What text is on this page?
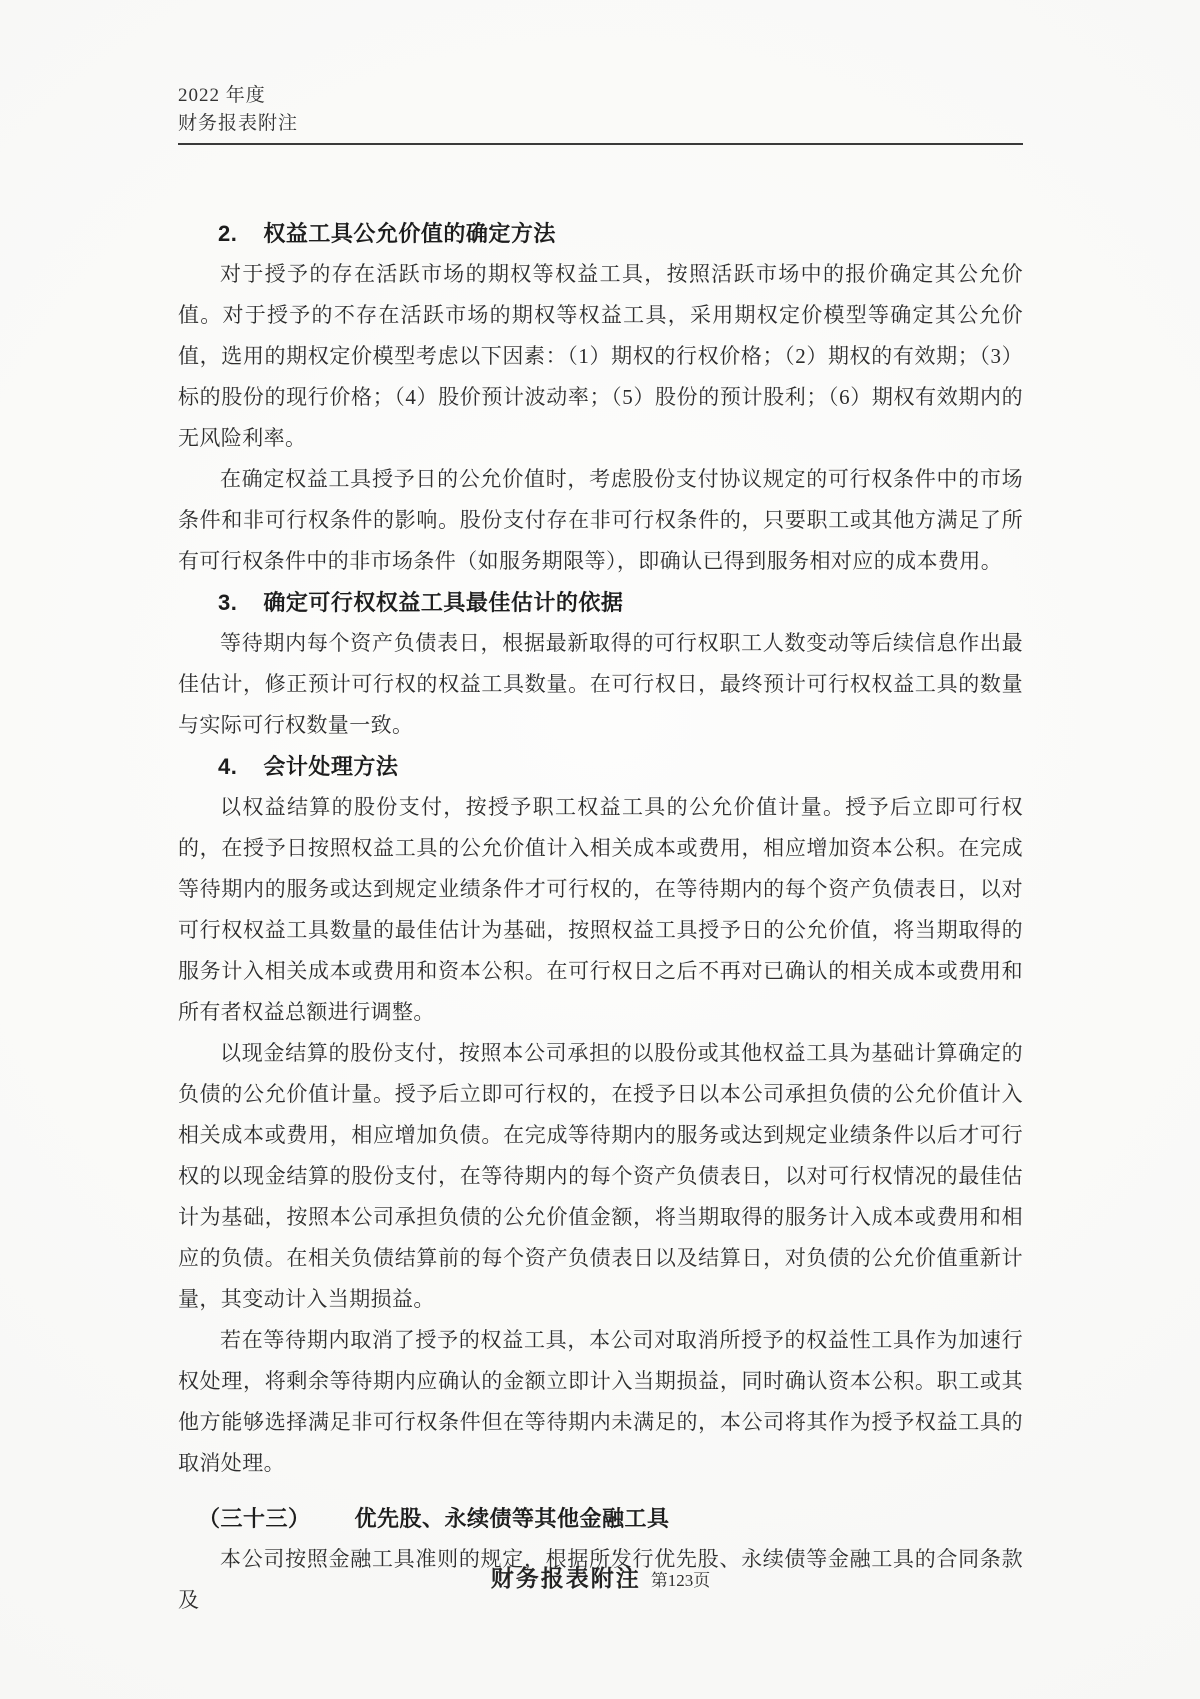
2022 年度
财务报表附注
2. 权益工具公允价值的确定方法

对于授予的存在活跃市场的期权等权益工具，按照活跃市场中的报价确定其公允价值。对于授予的不存在活跃市场的期权等权益工具，采用期权定价模型等确定其公允价值，选用的期权定价模型考虑以下因素：（1）期权的行权价格；（2）期权的有效期；（3）标的股份的现行价格；（4）股价预计波动率；（5）股份的预计股利；（6）期权有效期内的无风险利率。

在确定权益工具授予日的公允价值时，考虑股份支付协议规定的可行权条件中的市场条件和非可行权条件的影响。股份支付存在非可行权条件的，只要职工或其他方满足了所有可行权条件中的非市场条件（如服务期限等），即确认已得到服务相对应的成本费用。

3. 确定可行权权益工具最佳估计的依据

等待期内每个资产负债表日，根据最新取得的可行权职工人数变动等后续信息作出最佳估计，修正预计可行权的权益工具数量。在可行权日，最终预计可行权权益工具的数量与实际可行权数量一致。

4. 会计处理方法

以权益结算的股份支付，按授予职工权益工具的公允价值计量。授予后立即可行权的，在授予日按照权益工具的公允价值计入相关成本或费用，相应增加资本公积。在完成等待期内的服务或达到规定业绩条件才可行权的，在等待期内的每个资产负债表日，以对可行权权益工具数量的最佳估计为基础，按照权益工具授予日的公允价值，将当期取得的服务计入相关成本或费用和资本公积。在可行权日之后不再对已确认的相关成本或费用和所有者权益总额进行调整。

以现金结算的股份支付，按照本公司承担的以股份或其他权益工具为基础计算确定的负债的公允价值计量。授予后立即可行权的，在授予日以本公司承担负债的公允价值计入相关成本或费用，相应增加负债。在完成等待期内的服务或达到规定业绩条件以后才可行权的以现金结算的股份支付，在等待期内的每个资产负债表日，以对可行权情况的最佳估计为基础，按照本公司承担负债的公允价值金额，将当期取得的服务计入成本或费用和相应的负债。在相关负债结算前的每个资产负债表日以及结算日，对负债的公允价值重新计量，其变动计入当期损益。

若在等待期内取消了授予的权益工具，本公司对取消所授予的权益性工具作为加速行权处理，将剩余等待期内应确认的金额立即计入当期损益，同时确认资本公积。职工或其他方能够选择满足非可行权条件但在等待期内未满足的，本公司将其作为授予权益工具的取消处理。

（三十三） 优先股、永续债等其他金融工具

本公司按照金融工具准则的规定，根据所发行优先股、永续债等金融工具的合同条款及

财务报表附注 第123页
